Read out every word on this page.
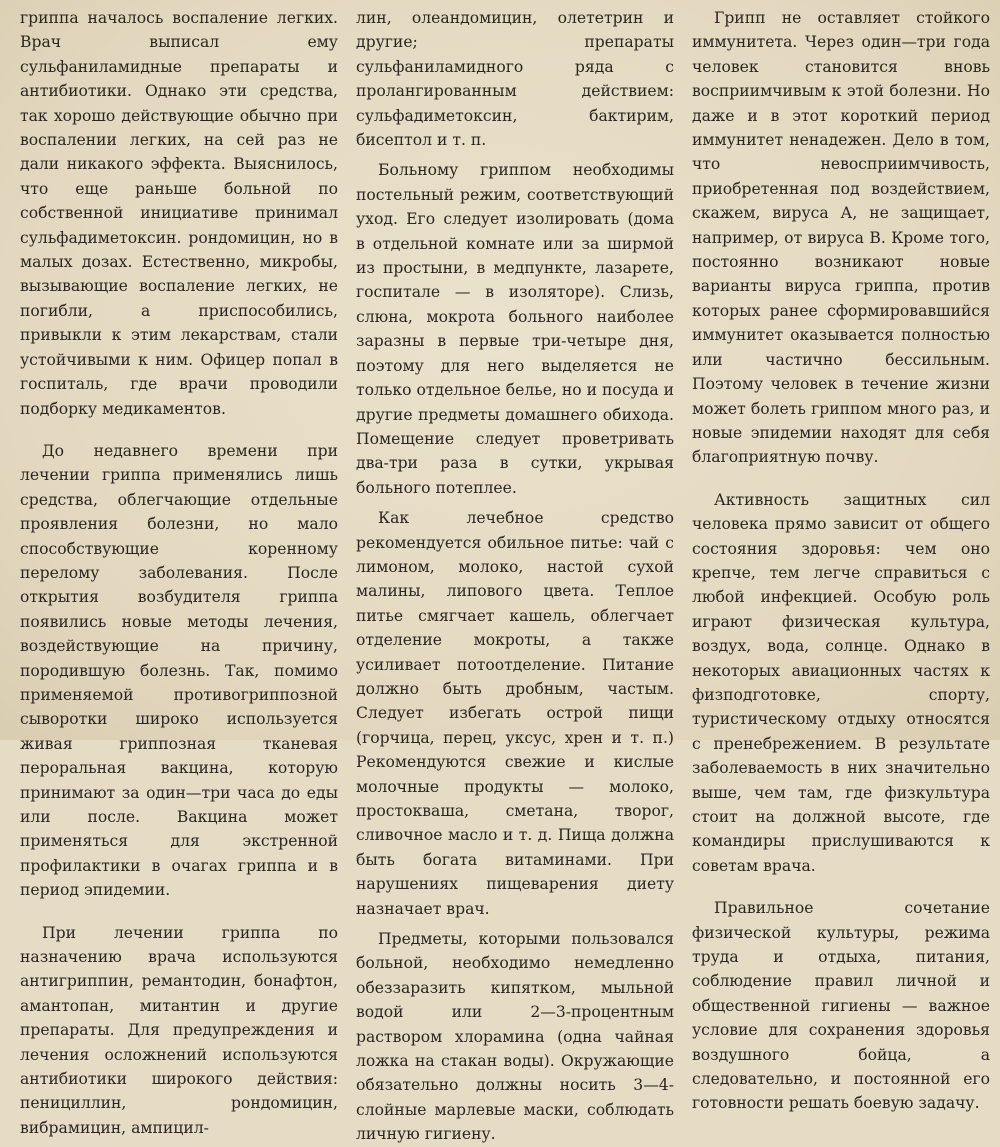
гриппа началось воспаление легких. Врач выписал ему сульфаниламидные препараты и антибиотики. Однако эти средства, так хорошо действующие обычно при воспалении легких, на сей раз не дали никакого эффекта. Выяснилось, что еще раньше больной по собственной инициативе принимал сульфадиметоксин. рондомицин, но в малых дозах. Естественно, микробы, вызывающие воспаление легких, не погибли, а приспособились, привыкли к этим лекарствам, стали устойчивыми к ним. Офицер попал в госпиталь, где врачи проводили подборку медикаментов.

До недавнего времени при лечении гриппа применялись лишь средства, облегчающие отдельные проявления болезни, но мало способствующие коренному перелому заболевания. После открытия возбудителя гриппа появились новые методы лечения, воздействующие на причину, породившую болезнь. Так, помимо применяемой противогриппозной сыворотки широко используется живая гриппозная тканевая пероральная вакцина, которую принимают за один—три часа до еды или после. Вакцина может применяться для экстренной профилактики в очагах гриппа и в период эпидемии.

При лечении гриппа по назначению врача используются антигриппин, ремантодин, бонафтон, амантопан, митантин и другие препараты. Для предупреждения и лечения осложнений используются антибиотики широкого действия: пенициллин, рондомицин, вибрамицин, ампицил-

лин, олеандомицин, олететрин и другие; препараты сульфаниламидного ряда с пролангированным действием: сульфадиметоксин, бактирим, бисептол и т. п.

Больному гриппом необходимы постельный режим, соответствующий уход. Его следует изолировать (дома в отдельной комнате или за ширмой из простыни, в медпункте, лазарете, госпитале — в изоляторе). Слизь, слюна, мокрота больного наиболее заразны в первые три-четыре дня, поэтому для него выделяется не только отдельное белье, но и посуда и другие предметы домашнего обихода. Помещение следует проветривать два-три раза в сутки, укрывая больного потеплее.

Как лечебное средство рекомендуется обильное питье: чай с лимоном, молоко, настой сухой малины, липового цвета. Теплое питье смягчает кашель, облегчает отделение мокроты, а также усиливает потоотделение. Питание должно быть дробным, частым. Следует избегать острой пищи (горчица, перец, уксус, хрен и т. п.) Рекомендуются свежие и кислые молочные продукты — молоко, простокваша, сметана, творог, сливочное масло и т. д. Пища должна быть богата витаминами. При нарушениях пищеварения диету назначает врач.

Предметы, которыми пользовался больной, необходимо немедленно обеззаразить кипятком, мыльной водой или 2—3-процентным раствором хлорамина (одна чайная ложка на стакан воды). Окружающие обязательно должны носить 3—4-слойные марлевые маски, соблюдать личную гигиену.

Грипп не оставляет стойкого иммунитета. Через один—три года человек становится вновь восприимчивым к этой болезни. Но даже и в этот короткий период иммунитет ненадежен. Дело в том, что невосприимчивость, приобретенная под воздействием, скажем, вируса А, не защищает, например, от вируса В. Кроме того, постоянно возникают новые варианты вируса гриппа, против которых ранее сформировавшийся иммунитет оказывается полностью или частично бессильным. Поэтому человек в течение жизни может болеть гриппом много раз, и новые эпидемии находят для себя благоприятную почву.

Активность защитных сил человека прямо зависит от общего состояния здоровья: чем оно крепче, тем легче справиться с любой инфекцией. Особую роль играют физическая культура, воздух, вода, солнце. Однако в некоторых авиационных частях к физподготовке, спорту, туристическому отдыху относятся с пренебрежением. В результате заболеваемость в них значительно выше, чем там, где физкультура стоит на должной высоте, где командиры прислушиваются к советам врача.

Правильное сочетание физической культуры, режима труда и отдыха, питания, соблюдение правил личной и общественной гигиены — важное условие для сохранения здоровья воздушного бойца, а следовательно, и постоянной его готовности решать боевую задачу.
